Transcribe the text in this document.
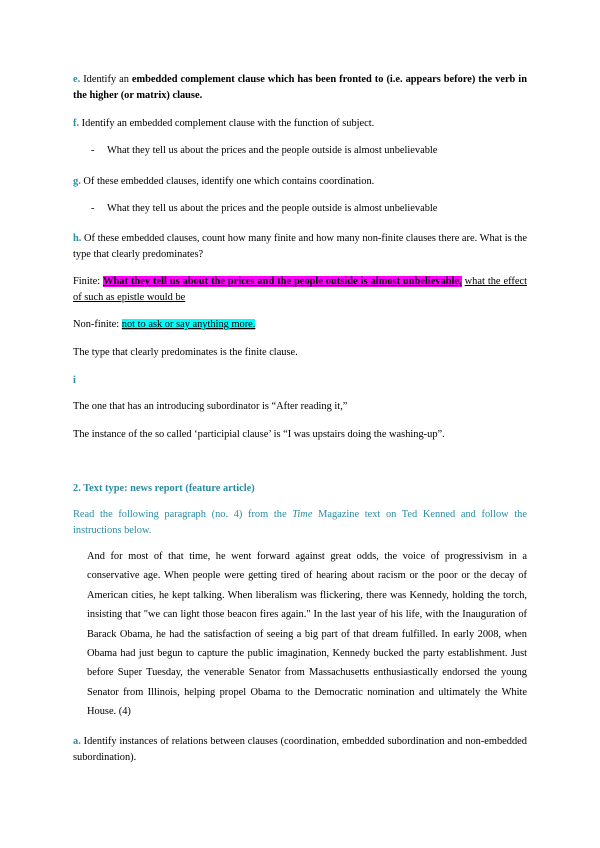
e. Identify an embedded complement clause which has been fronted to (i.e. appears before) the verb in the higher (or matrix) clause.

f. Identify an embedded complement clause with the function of subject.

- What they tell us about the prices and the people outside is almost unbelievable

g. Of these embedded clauses, identify one which contains coordination.

- What they tell us about the prices and the people outside is almost unbelievable

h. Of these embedded clauses, count how many finite and how many non-finite clauses there are. What is the type that clearly predominates?

Finite: What they tell us about the prices and the people outside is almost unbelievable, what the effect of such as epistle would be

Non-finite: not to ask or say anything more.

The type that clearly predominates is the finite clause.

i

The one that has an introducing subordinator is “After reading it,”

The instance of the so called ‘participial clause’ is “I was upstairs doing the washing-up”.

2. Text type: news report (feature article)

Read the following paragraph (no. 4) from the Time Magazine text on Ted Kenned and follow the instructions below.

And for most of that time, he went forward against great odds, the voice of progressivism in a conservative age. When people were getting tired of hearing about racism or the poor or the decay of American cities, he kept talking. When liberalism was flickering, there was Kennedy, holding the torch, insisting that "we can light those beacon fires again." In the last year of his life, with the Inauguration of Barack Obama, he had the satisfaction of seeing a big part of that dream fulfilled. In early 2008, when Obama had just begun to capture the public imagination, Kennedy bucked the party establishment. Just before Super Tuesday, the venerable Senator from Massachusetts enthusiastically endorsed the young Senator from Illinois, helping propel Obama to the Democratic nomination and ultimately the White House. (4)

a. Identify instances of relations between clauses (coordination, embedded subordination and non-embedded subordination).
